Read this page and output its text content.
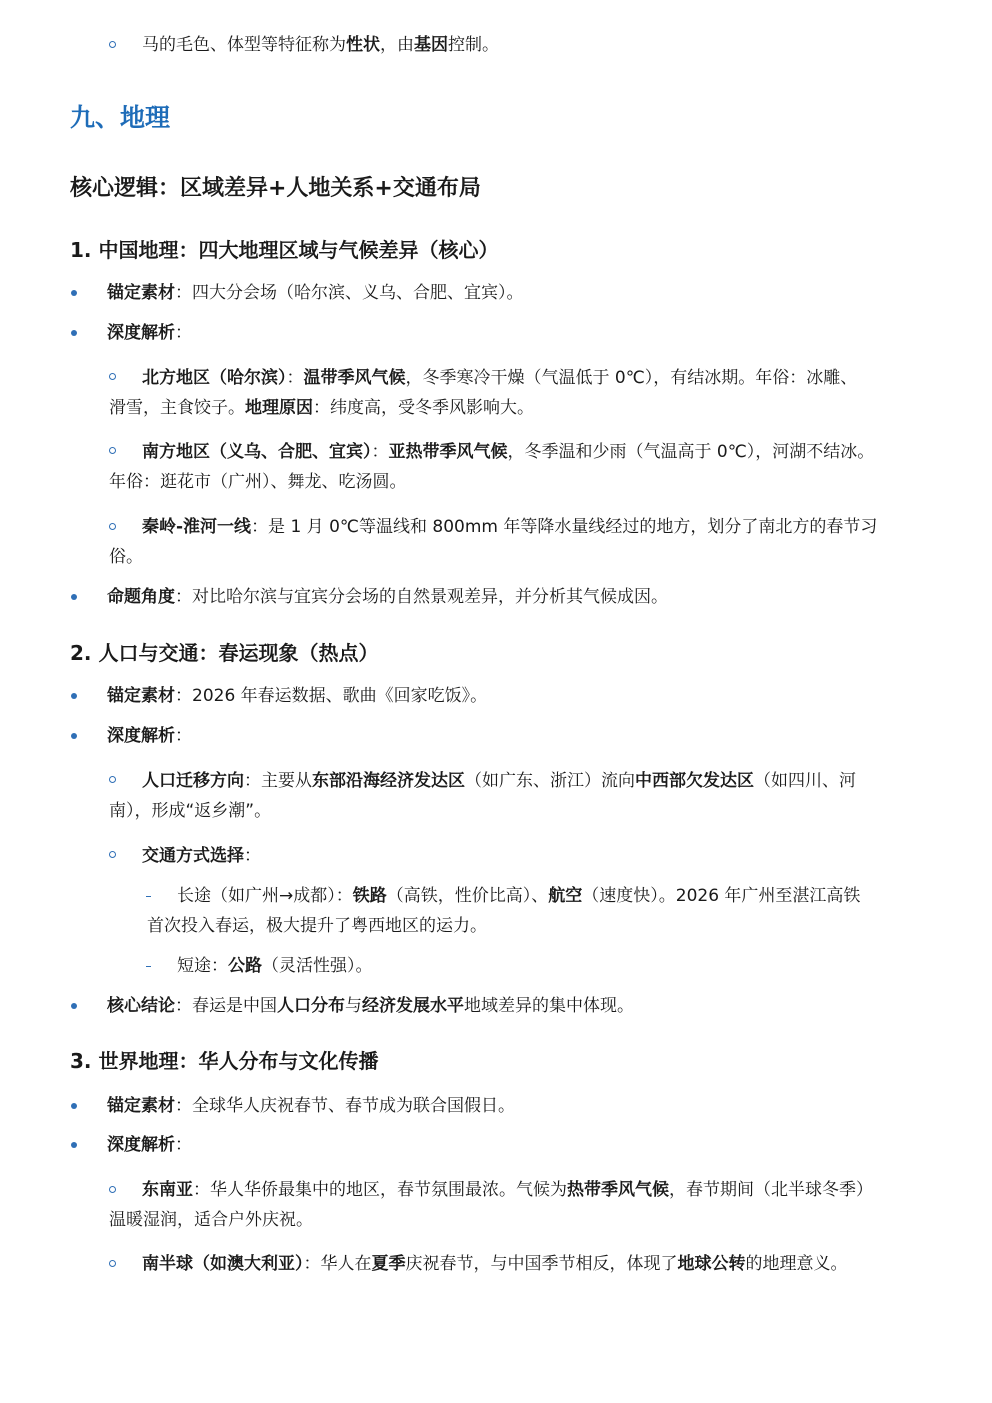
马的毛色、体型等特征称为性状，由基因控制。
九、地理
核心逻辑：区域差异+人地关系+交通布局
1. 中国地理：四大地理区域与气候差异（核心）
锚定素材：四大分会场（哈尔滨、义乌、合肥、宜宾）。
深度解析：
北方地区（哈尔滨）：温带季风气候，冬季寒冷干燥（气温低于 0℃），有结冰期。年俗：冰雕、
滑雪，主食饺子。地理原因：纬度高，受冬季风影响大。
南方地区（义乌、合肥、宜宾）：亚热带季风气候，冬季温和少雨（气温高于 0℃），河湖不结冰。
年俗：逛花市（广州）、舞龙、吃汤圆。
秦岭-淮河一线：是 1 月 0℃等温线和 800mm 年等降水量线经过的地方，划分了南北方的春节习
俗。
命题角度：对比哈尔滨与宜宾分会场的自然景观差异，并分析其气候成因。
2. 人口与交通：春运现象（热点）
锚定素材：2026 年春运数据、歌曲《回家吃饭》。
深度解析：
人口迁移方向：主要从东部沿海经济发达区（如广东、浙江）流向中西部欠发达区（如四川、河
南），形成“返乡潮”。
交通方式选择：
长途（如广州→成都）：铁路（高铁，性价比高）、航空（速度快）。2026 年广州至湛江高铁
首次投入春运，极大提升了粤西地区的运力。
短途：公路（灵活性强）。
核心结论：春运是中国人口分布与经济发展水平地域差异的集中体现。
3. 世界地理：华人分布与文化传播
锚定素材：全球华人庆祝春节、春节成为联合国假日。
深度解析：
东南亚：华人华侨最集中的地区，春节氛围最浓。气候为热带季风气候，春节期间（北半球冬季）
温暖湿润，适合户外庆祝。
南半球（如澳大利亚）：华人在夏季庆祝春节，与中国季节相反，体现了地球公转的地理意义。
